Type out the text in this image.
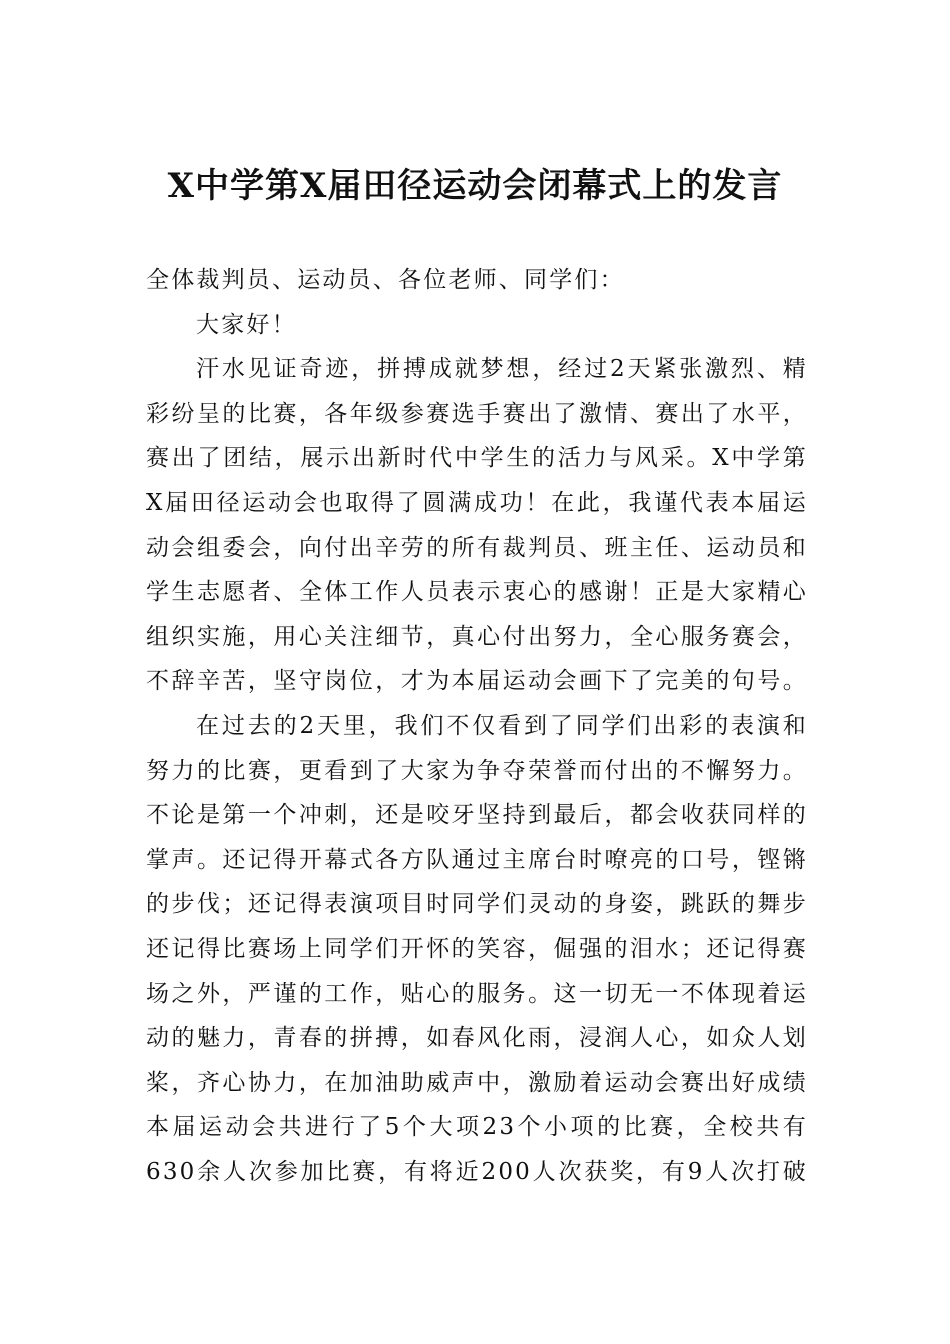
X中学第X届田径运动会闭幕式上的发言
全体裁判员、运动员、各位老师、同学们：
大家好！
汗水见证奇迹，拼搏成就梦想，经过2天紧张激烈、精
彩纷呈的比赛，各年级参赛选手赛出了激情、赛出了水平，
赛出了团结，展示出新时代中学生的活力与风采。X中学第
X届田径运动会也取得了圆满成功！在此，我谨代表本届运
动会组委会，向付出辛劳的所有裁判员、班主任、运动员和
学生志愿者、全体工作人员表示衷心的感谢！正是大家精心
组织实施，用心关注细节，真心付出努力，全心服务赛会，
不辞辛苦，坚守岗位，才为本届运动会画下了完美的句号。
在过去的2天里，我们不仅看到了同学们出彩的表演和
努力的比赛，更看到了大家为争夺荣誉而付出的不懈努力。
不论是第一个冲刺，还是咬牙坚持到最后，都会收获同样的
掌声。还记得开幕式各方队通过主席台时嘹亮的口号，铿锵
的步伐；还记得表演项目时同学们灵动的身姿，跳跃的舞步
还记得比赛场上同学们开怀的笑容，倔强的泪水；还记得赛
场之外，严谨的工作，贴心的服务。这一切无一不体现着运
动的魅力，青春的拼搏，如春风化雨，浸润人心，如众人划
桨，齐心协力，在加油助威声中，激励着运动会赛出好成绩
本届运动会共进行了5个大项23个小项的比赛，全校共有
630余人次参加比赛，有将近200人次获奖，有9人次打破
